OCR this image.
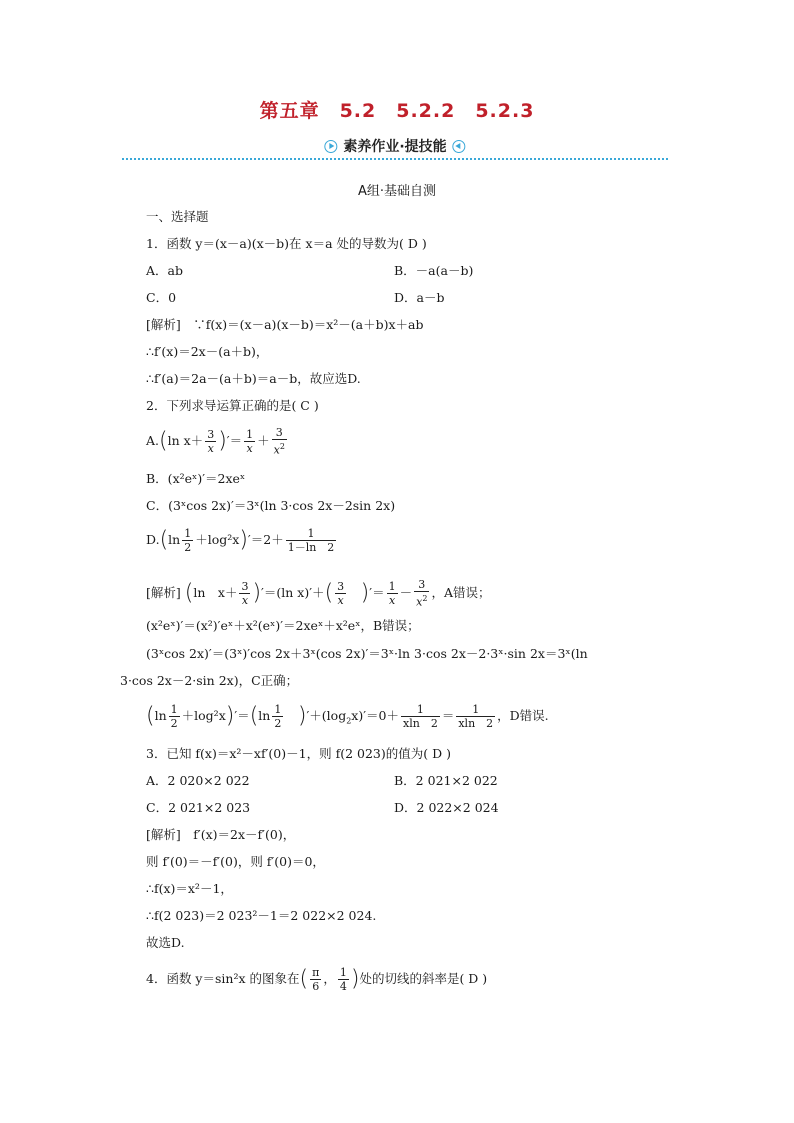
第五章　5.2　5.2.2　5.2.3
素养作业·提技能
A组·基础自测
一、选择题
1．函数 y＝(x－a)(x－b)在 x＝a 处的导数为( D )
A．ab	B．－a(a－b)
C．0	D．a－b
[解析]　∵f(x)＝(x－a)(x－b)＝x²－(a＋b)x＋ab
∴f′(x)＝2x－(a＋b)，
∴f′(a)＝2a－(a＋b)＝a－b，故应选D.
2．下列求导运算正确的是( C )
A.(ln $x+ \frac{3}{x}$ )′＝ $\frac{1}{x} + \frac{3}{x^2}$
B．(x²eˣ)′＝2xeˣ
C．(3ˣcos 2x)′＝3ˣ(ln 3·cos 2x－2sin 2x)
$D.(\ln \frac{1}{2} +\log^2x)'=2+ \frac{1}{1-\ln 2}$
[解析] (ln　$x+ \frac{3}{x} )'=(\ln$ $x)'+( \frac{3}{x}$
　 )′＝ $\frac{1}{x} - \frac{3}{x^2}$ ，A错误；
(x²eˣ)′＝(x²)′eˣ＋x²(eˣ)′＝2xeˣ＋x²eˣ，B错误；
(3ˣcos 2x)′＝(3ˣ)′cos 2x＋3ˣ(cos 2x)′＝3ˣ·ln 3·cos 2x－2·3ˣ·sin 2x＝3ˣ(ln
3·cos 2x－2·sin 2x)，C正确；
$(\ln \frac{1}{2} +\log^2x)'=(\ln \frac{1}{2}$
　 )$'+(\log_2x)'=0+ \frac{1}{xln 2} = \frac{1}{xln 2}$ ，D错误.
3．已知 f(x)＝x²－xf′(0)－1，则 f(2 023)的值为( D )
A．2 020×2 022	B．2 021×2 022
C．2 021×2 023	D．2 022×2 024
[解析]　f′(x)＝2x－f′(0)，
则 f′(0)＝－f′(0)，则 f′(0)＝0，
∴f(x)＝x²－1，
∴f(2 023)＝2 023²－1＝2 022×2 024.
故选D.
4．函数 y＝sin²x 的图象在( $\frac{\pi}{6}$ ， $\frac{1}{4}$ )处的切线的斜率是( D )
